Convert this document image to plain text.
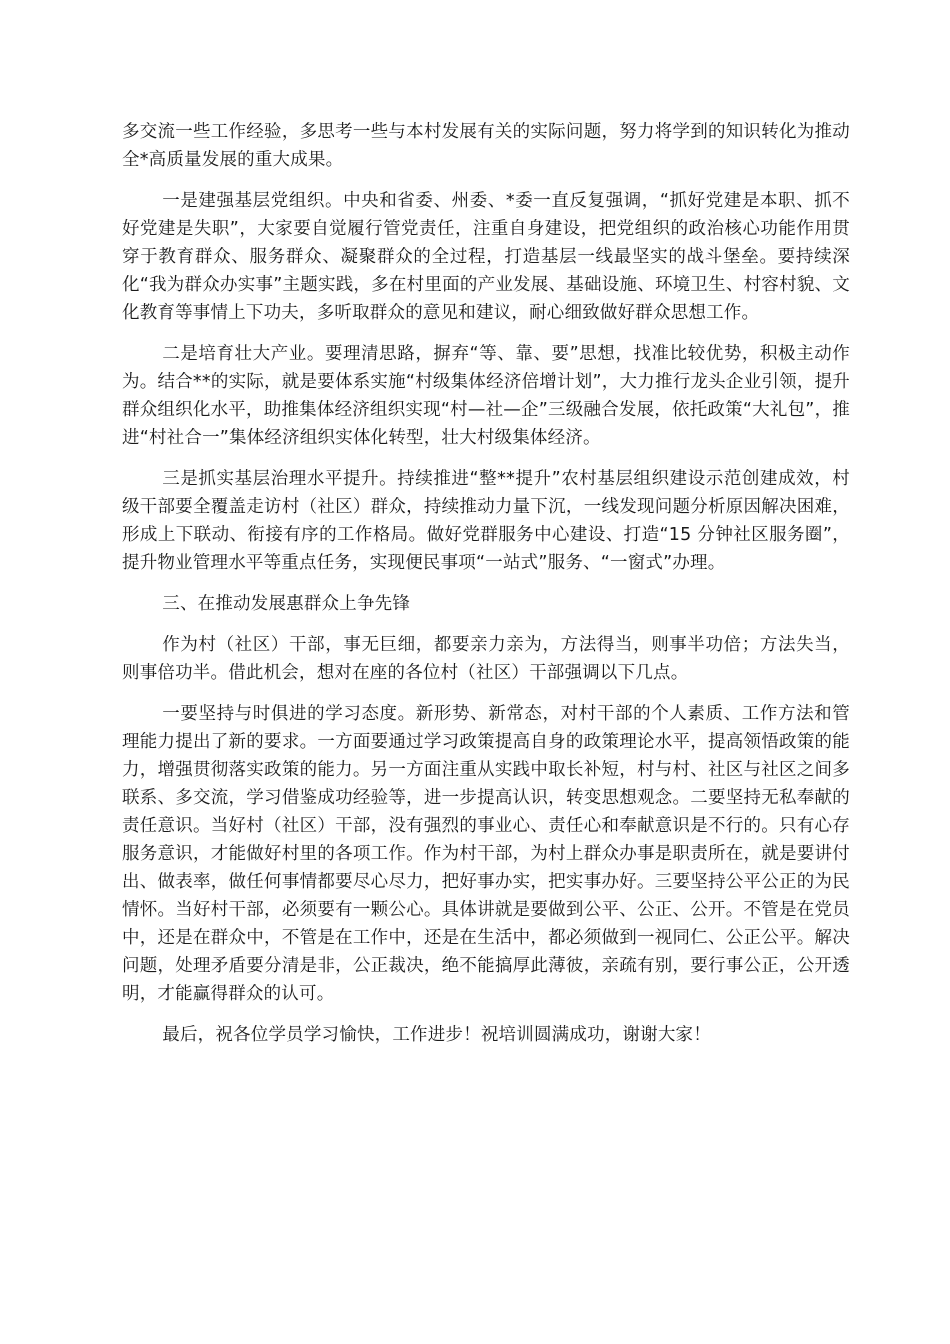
多交流一些工作经验，多思考一些与本村发展有关的实际问题，努力将学到的知识转化为推动全*高质量发展的重大成果。

一是建强基层党组织。中央和省委、州委、*委一直反复强调，“抓好党建是本职、抓不好党建是失职”，大家要自觉履行管党责任，注重自身建设，把党组织的政治核心功能作用贯穿于教育群众、服务群众、凝聚群众的全过程，打造基层一线最坚实的战斗堡垒。要持续深化“我为群众办实事”主题实践，多在村里面的产业发展、基础设施、环境卫生、村容村貌、文化教育等事情上下功夫，多听取群众的意见和建议，耐心细致做好群众思想工作。

二是培育壮大产业。要理清思路，摒弃“等、靠、要”思想，找准比较优势，积极主动作为。结合**的实际，就是要体系实施“村级集体经济倍增计划”，大力推行龙头企业引领，提升群众组织化水平，助推集体经济组织实现“村—社—企”三级融合发展，依托政策“大礼包”，推进“村社合一”集体经济组织实体化转型，壮大村级集体经济。

三是抓实基层治理水平提升。持续推进“整**提升”农村基层组织建设示范创建成效，村级干部要全覆盖走访村（社区）群众，持续推动力量下沉，一线发现问题分析原因解决困难，形成上下联动、衔接有序的工作格局。做好党群服务中心建设、打造“15 分钟社区服务圈”，提升物业管理水平等重点任务，实现便民事项“一站式”服务、“一窗式”办理。

三、在推动发展惠群众上争先锋

作为村（社区）干部，事无巨细，都要亲力亲为，方法得当，则事半功倍；方法失当，则事倍功半。借此机会，想对在座的各位村（社区）干部强调以下几点。

一要坚持与时俱进的学习态度。新形势、新常态，对村干部的个人素质、工作方法和管理能力提出了新的要求。一方面要通过学习政策提高自身的政策理论水平，提高领悟政策的能力，增强贯彻落实政策的能力。另一方面注重从实践中取长补短，村与村、社区与社区之间多联系、多交流，学习借鉴成功经验等，进一步提高认识，转变思想观念。二要坚持无私奉献的责任意识。当好村（社区）干部，没有强烈的事业心、责任心和奉献意识是不行的。只有心存服务意识，才能做好村里的各项工作。作为村干部，为村上群众办事是职责所在，就是要讲付出、做表率，做任何事情都要尽心尽力，把好事办实，把实事办好。三要坚持公平公正的为民情怀。当好村干部，必须要有一颗公心。具体讲就是要做到公平、公正、公开。不管是在党员中，还是在群众中，不管是在工作中，还是在生活中，都必须做到一视同仁、公正公平。解决问题，处理矛盾要分清是非，公正裁决，绝不能搞厚此薄彼，亲疏有别，要行事公正，公开透明，才能赢得群众的认可。

最后，祝各位学员学习愉快，工作进步！祝培训圆满成功，谢谢大家！
